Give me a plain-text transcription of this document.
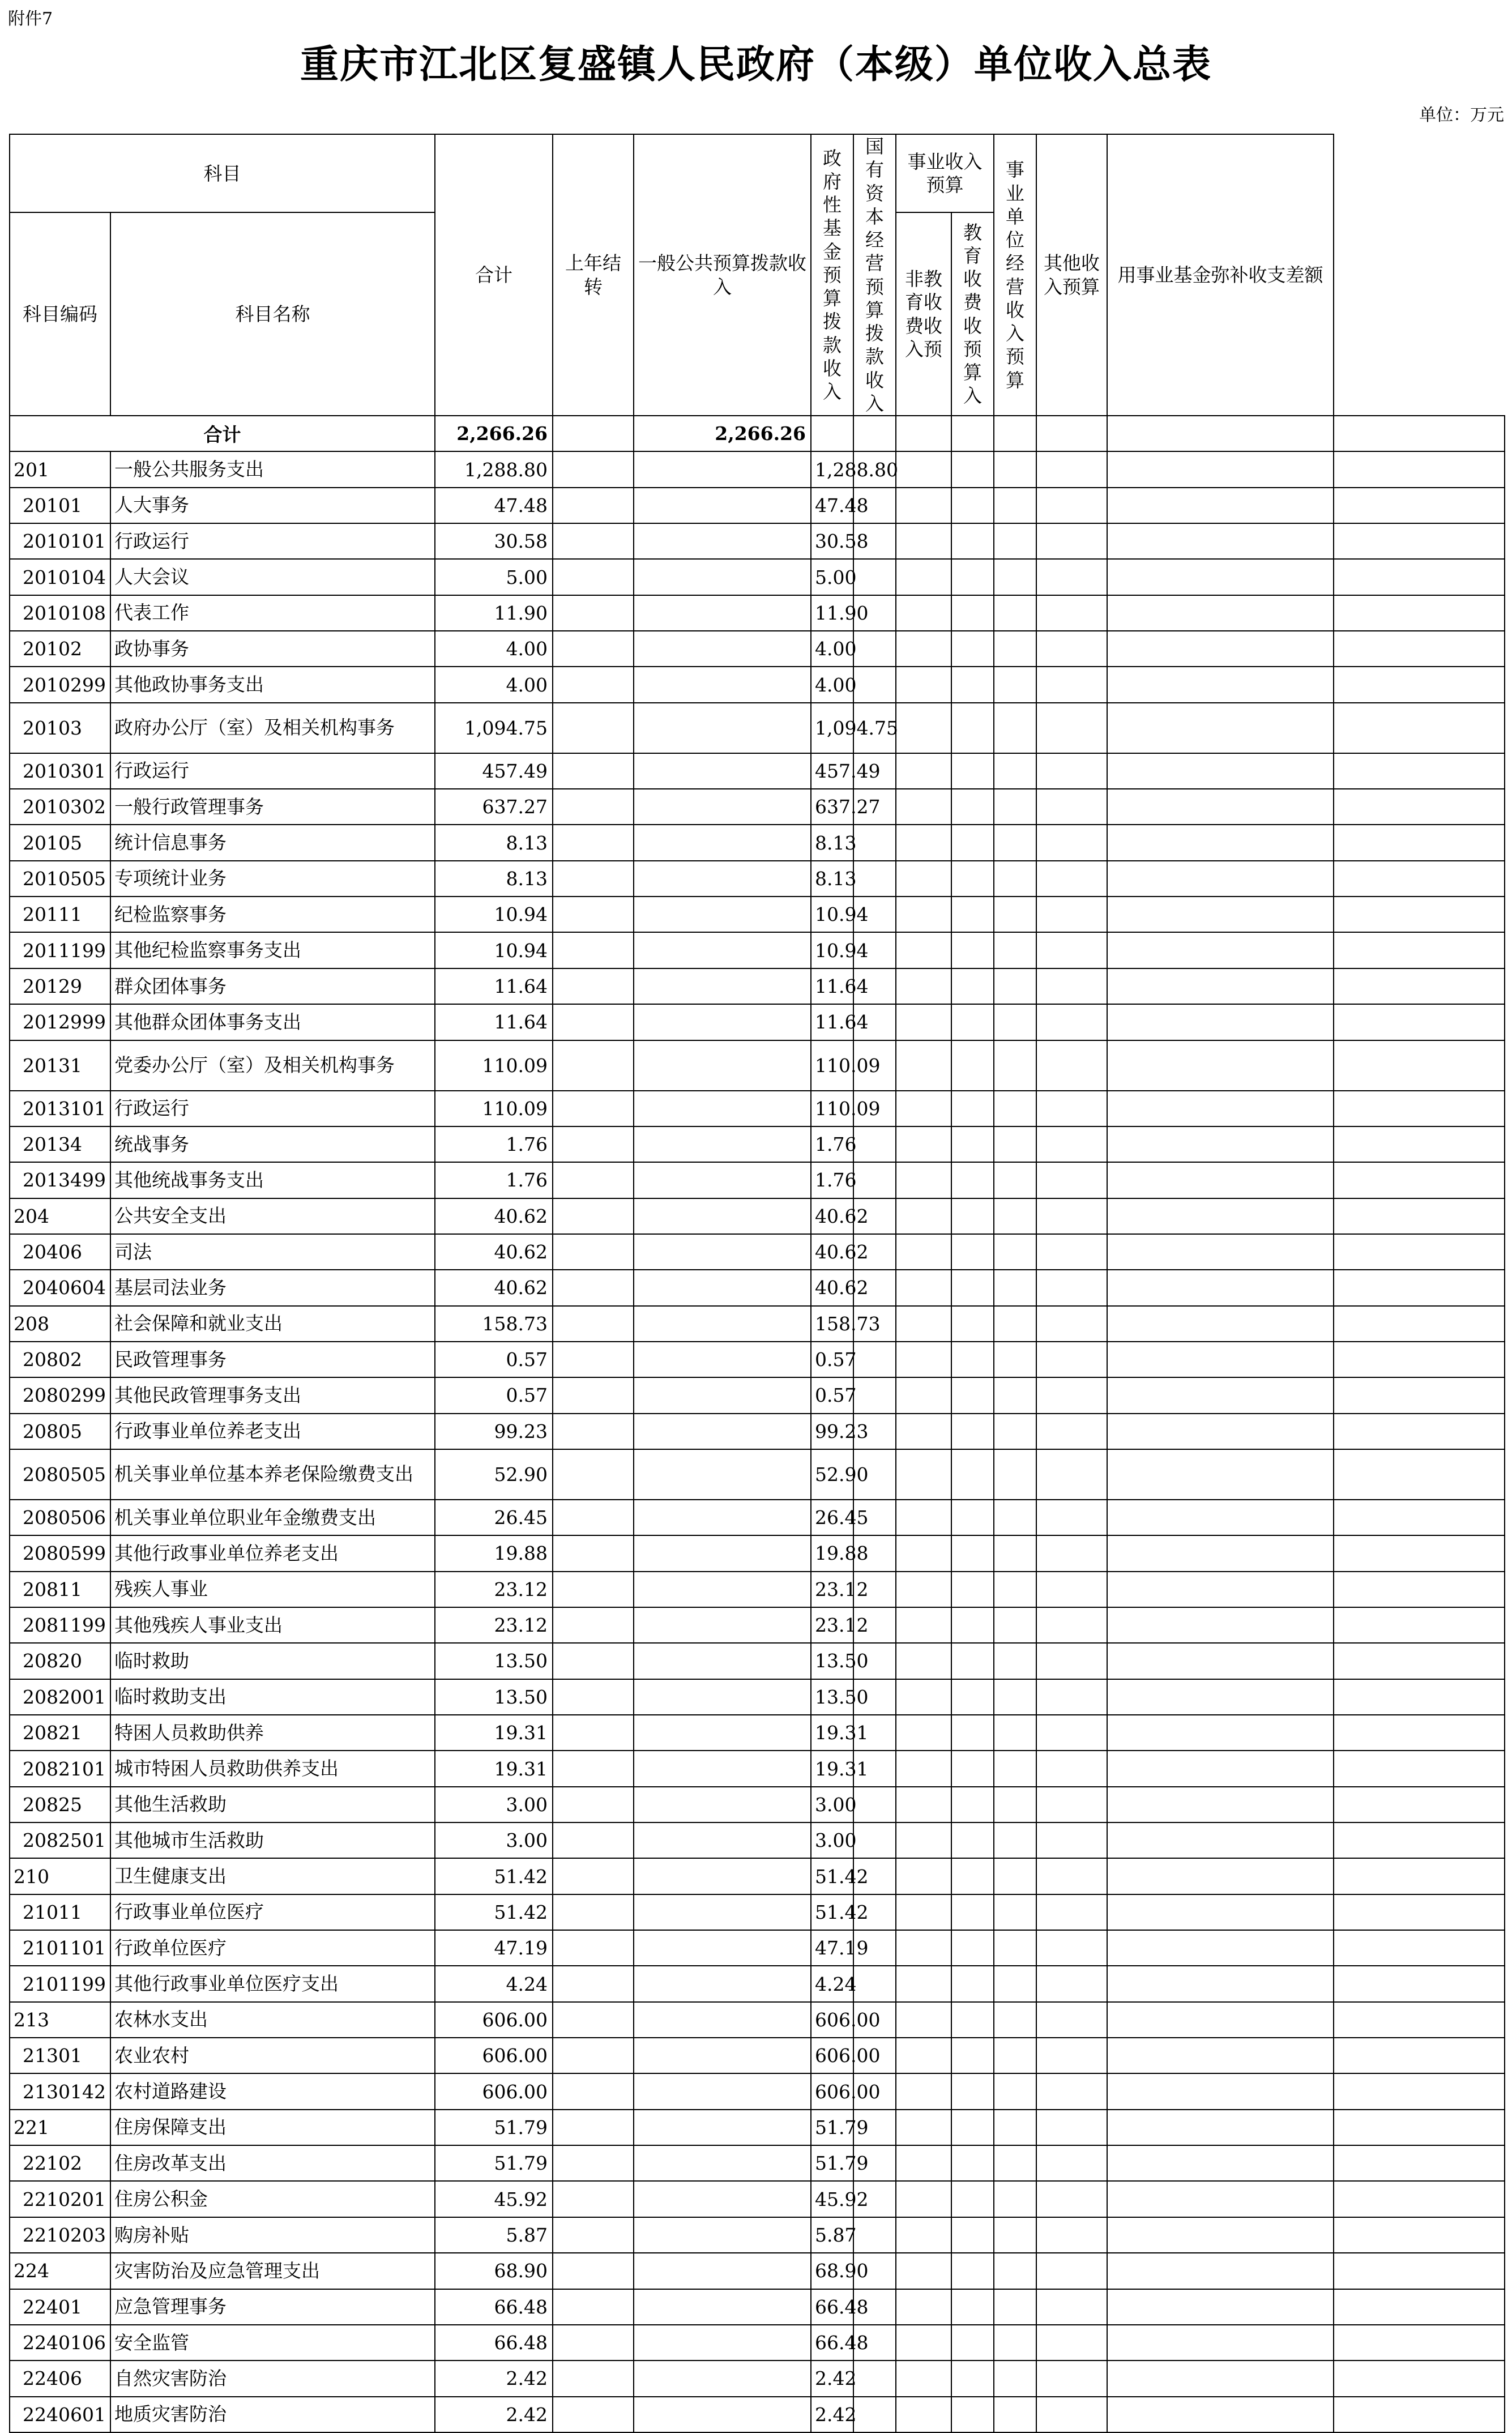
附件7
重庆市江北区复盛镇人民政府（本级）单位收入总表
单位：万元
科目		合计	上年结转	一般公共预算拨款收入	政府性基金预算拨款收入	国有资本经营预算拨款收入	事业收入预算		事业单位经营收入预算	其他收入预算	用事业基金弥补收支差额	
科目编码	科目名称						非教育收费收入预	教育收费收预算入				
合计		2,266.26		2,266.26								
201	一般公共服务支出	1,288.80			1,288.80							
20101	人大事务	47.48			47.48							
2010101	行政运行	30.58			30.58							
2010104	人大会议	5.00			5.00							
2010108	代表工作	11.90			11.90							
20102	政协事务	4.00			4.00							
2010299	其他政协事务支出	4.00			4.00							
20103	政府办公厅（室）及相关机构事务	1,094.75			1,094.75							
2010301	行政运行	457.49			457.49							
2010302	一般行政管理事务	637.27			637.27							
20105	统计信息事务	8.13			8.13							
2010505	专项统计业务	8.13			8.13							
20111	纪检监察事务	10.94			10.94							
2011199	其他纪检监察事务支出	10.94			10.94							
20129	群众团体事务	11.64			11.64							
2012999	其他群众团体事务支出	11.64			11.64							
20131	党委办公厅（室）及相关机构事务	110.09			110.09							
2013101	行政运行	110.09			110.09							
20134	统战事务	1.76			1.76							
2013499	其他统战事务支出	1.76			1.76							
204	公共安全支出	40.62			40.62							
20406	司法	40.62			40.62							
2040604	基层司法业务	40.62			40.62							
208	社会保障和就业支出	158.73			158.73							
20802	民政管理事务	0.57			0.57							
2080299	其他民政管理事务支出	0.57			0.57							
20805	行政事业单位养老支出	99.23			99.23							
2080505	机关事业单位基本养老保险缴费支出	52.90			52.90							
2080506	机关事业单位职业年金缴费支出	26.45			26.45							
2080599	其他行政事业单位养老支出	19.88			19.88							
20811	残疾人事业	23.12			23.12							
2081199	其他残疾人事业支出	23.12			23.12							
20820	临时救助	13.50			13.50							
2082001	临时救助支出	13.50			13.50							
20821	特困人员救助供养	19.31			19.31							
2082101	城市特困人员救助供养支出	19.31			19.31							
20825	其他生活救助	3.00			3.00							
2082501	其他城市生活救助	3.00			3.00							
210	卫生健康支出	51.42			51.42							
21011	行政事业单位医疗	51.42			51.42							
2101101	行政单位医疗	47.19			47.19							
2101199	其他行政事业单位医疗支出	4.24			4.24							
213	农林水支出	606.00			606.00							
21301	农业农村	606.00			606.00							
2130142	农村道路建设	606.00			606.00							
221	住房保障支出	51.79			51.79							
22102	住房改革支出	51.79			51.79							
2210201	住房公积金	45.92			45.92							
2210203	购房补贴	5.87			5.87							
224	灾害防治及应急管理支出	68.90			68.90							
22401	应急管理事务	66.48			66.48							
2240106	安全监管	66.48			66.48							
22406	自然灾害防治	2.42			2.42							
2240601	地质灾害防治	2.42			2.42							
